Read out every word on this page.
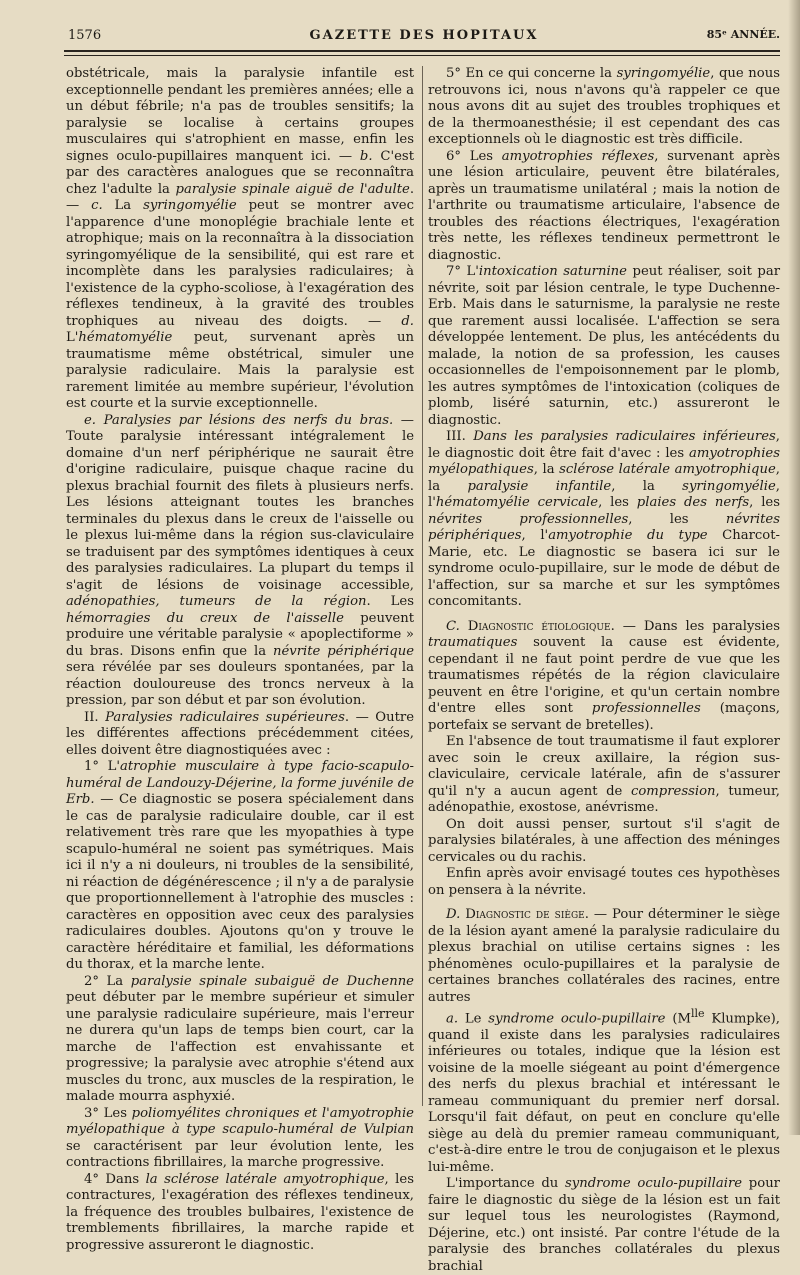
1576	GAZETTE DES HOPITAUX	85ᵉ ANNÉE.

obstétricale, mais la paralysie infantile est exceptionnelle pendant les premières années; elle a un début fébrile; n'a pas de troubles sensitifs; la paralysie se localise à certains groupes musculaires qui s'atrophient en masse, enfin les signes oculo-pupillaires manquent ici. — b. C'est par des caractères analogues que se reconnaîtra chez l'adulte la paralysie spinale aiguë de l'adulte. — c. La syringomyélie peut se montrer avec l'apparence d'une monoplégie brachiale lente et atrophique; mais on la reconnaîtra à la dissociation syringomyélique de la sensibilité, qui est rare et incomplète dans les paralysies radiculaires; à l'existence de la cypho-scoliose, à l'exagération des réflexes tendineux, à la gravité des troubles trophiques au niveau des doigts. — d. L'hématomyélie peut, survenant après un traumatisme même obstétrical, simuler une paralysie radiculaire. Mais la paralysie est rarement limitée au membre supérieur, l'évolution est courte et la survie exceptionnelle.

e. Paralysies par lésions des nerfs du bras. — Toute paralysie intéressant intégralement le domaine d'un nerf périphérique ne saurait être d'origine radiculaire, puisque chaque racine du plexus brachial fournit des filets à plusieurs nerfs. Les lésions atteignant toutes les branches terminales du plexus dans le creux de l'aisselle ou le plexus lui-même dans la région sus-claviculaire se traduisent par des symptômes identiques à ceux des paralysies radiculaires. La plupart du temps il s'agit de lésions de voisinage accessible, adénopathies, tumeurs de la région. Les hémorragies du creux de l'aisselle peuvent produire une véritable paralysie « apoplectiforme » du bras. Disons enfin que la névrite périphérique sera révélée par ses douleurs spontanées, par la réaction douloureuse des troncs nerveux à la pression, par son début et par son évolution.

II. Paralysies radiculaires supérieures. — Outre les différentes affections précédemment citées, elles doivent être diagnostiquées avec :

1° L'atrophie musculaire à type facio-scapulo-huméral de Landouzy-Déjerine, la forme juvénile de Erb. — Ce diagnostic se posera spécialement dans le cas de paralysie radiculaire double, car il est relativement très rare que les myopathies à type scapulo-huméral ne soient pas symétriques. Mais ici il n'y a ni douleurs, ni troubles de la sensibilité, ni réaction de dégénérescence ; il n'y a de paralysie que proportionnellement à l'atrophie des muscles : caractères en opposition avec ceux des paralysies radiculaires doubles. Ajoutons qu'on y trouve le caractère héréditaire et familial, les déformations du thorax, et la marche lente.

2° La paralysie spinale subaiguë de Duchenne peut débuter par le membre supérieur et simuler une paralysie radiculaire supérieure, mais l'erreur ne durera qu'un laps de temps bien court, car la marche de l'affection est envahissante et progressive; la paralysie avec atrophie s'étend aux muscles du tronc, aux muscles de la respiration, le malade mourra asphyxié.

3° Les poliomyélites chroniques et l'amyotrophie myélopathique à type scapulo-huméral de Vulpian se caractérisent par leur évolution lente, les contractions fibrillaires, la marche progressive.

4° Dans la sclérose latérale amyotrophique, les contractures, l'exagération des réflexes tendineux, la fréquence des troubles bulbaires, l'existence de tremblements fibrillaires, la marche rapide et progressive assureront le diagnostic.

5° En ce qui concerne la syringomyélie, que nous retrouvons ici, nous n'avons qu'à rappeler ce que nous avons dit au sujet des troubles trophiques et de la thermoanesthésie; il est cependant des cas exceptionnels où le diagnostic est très difficile.

6° Les amyotrophies réflexes, survenant après une lésion articulaire, peuvent être bilatérales, après un traumatisme unilatéral ; mais la notion de l'arthrite ou traumatisme articulaire, l'absence de troubles des réactions électriques, l'exagération très nette, les réflexes tendineux permettront le diagnostic.

7° L'intoxication saturnine peut réaliser, soit par névrite, soit par lésion centrale, le type Duchenne-Erb. Mais dans le saturnisme, la paralysie ne reste que rarement aussi localisée. L'affection se sera développée lentement. De plus, les antécédents du malade, la notion de sa profession, les causes occasionnelles de l'empoisonnement par le plomb, les autres symptômes de l'intoxication (coliques de plomb, liséré saturnin, etc.) assureront le diagnostic.

III. Dans les paralysies radiculaires inférieures, le diagnostic doit être fait d'avec : les amyotrophies myélopathiques, la sclérose latérale amyotrophique, la paralysie infantile, la syringomyélie, l'hématomyélie cervicale, les plaies des nerfs, les névrites professionnelles, les névrites périphériques, l'amyotrophie du type Charcot-Marie, etc. Le diagnostic se basera ici sur le syndrome oculo-pupillaire, sur le mode de début de l'affection, sur sa marche et sur les symptômes concomitants.

C. Diagnostic étiologique. — Dans les paralysies traumatiques souvent la cause est évidente, cependant il ne faut point perdre de vue que les traumatismes répétés de la région claviculaire peuvent en être l'origine, et qu'un certain nombre d'entre elles sont professionnelles (maçons, portefaix se servant de bretelles).

En l'absence de tout traumatisme il faut explorer avec soin le creux axillaire, la région sus-claviculaire, cervicale latérale, afin de s'assurer qu'il n'y a aucun agent de compression, tumeur, adénopathie, exostose, anévrisme.

On doit aussi penser, surtout s'il s'agit de paralysies bilatérales, à une affection des méninges cervicales ou du rachis.

Enfin après avoir envisagé toutes ces hypothèses on pensera à la névrite.

D. Diagnostic de siège. — Pour déterminer le siège de la lésion ayant amené la paralysie radiculaire du plexus brachial on utilise certains signes : les phénomènes oculo-pupillaires et la paralysie de certaines branches collatérales des racines, entre autres

a. Le syndrome oculo-pupillaire ($M^{lle}$ Klumpke), quand il existe dans les paralysies radiculaires inférieures ou totales, indique que la lésion est voisine de la moelle siégeant au point d'émergence des nerfs du plexus brachial et intéressant le rameau communiquant du premier nerf dorsal. Lorsqu'il fait défaut, on peut en conclure qu'elle siège au delà du premier rameau communiquant, c'est-à-dire entre le trou de conjugaison et le plexus lui-même.

L'importance du syndrome oculo-pupillaire pour faire le diagnostic du siège de la lésion est un fait sur lequel tous les neurologistes (Raymond, Déjerine, etc.) ont insisté. Par contre l'étude de la paralysie des branches collatérales du plexus brachial
